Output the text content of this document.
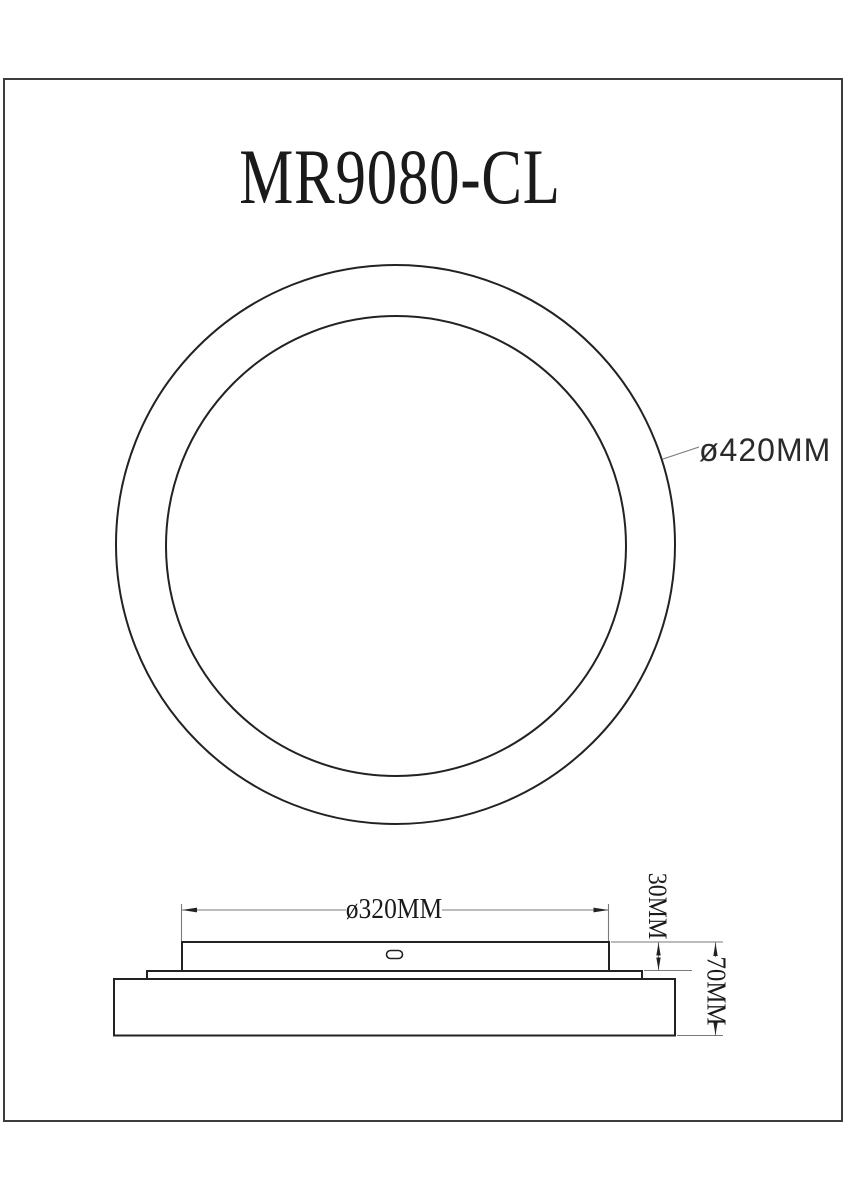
MR9080-CL
ø420MM
ø320MM	30MM
70MM
